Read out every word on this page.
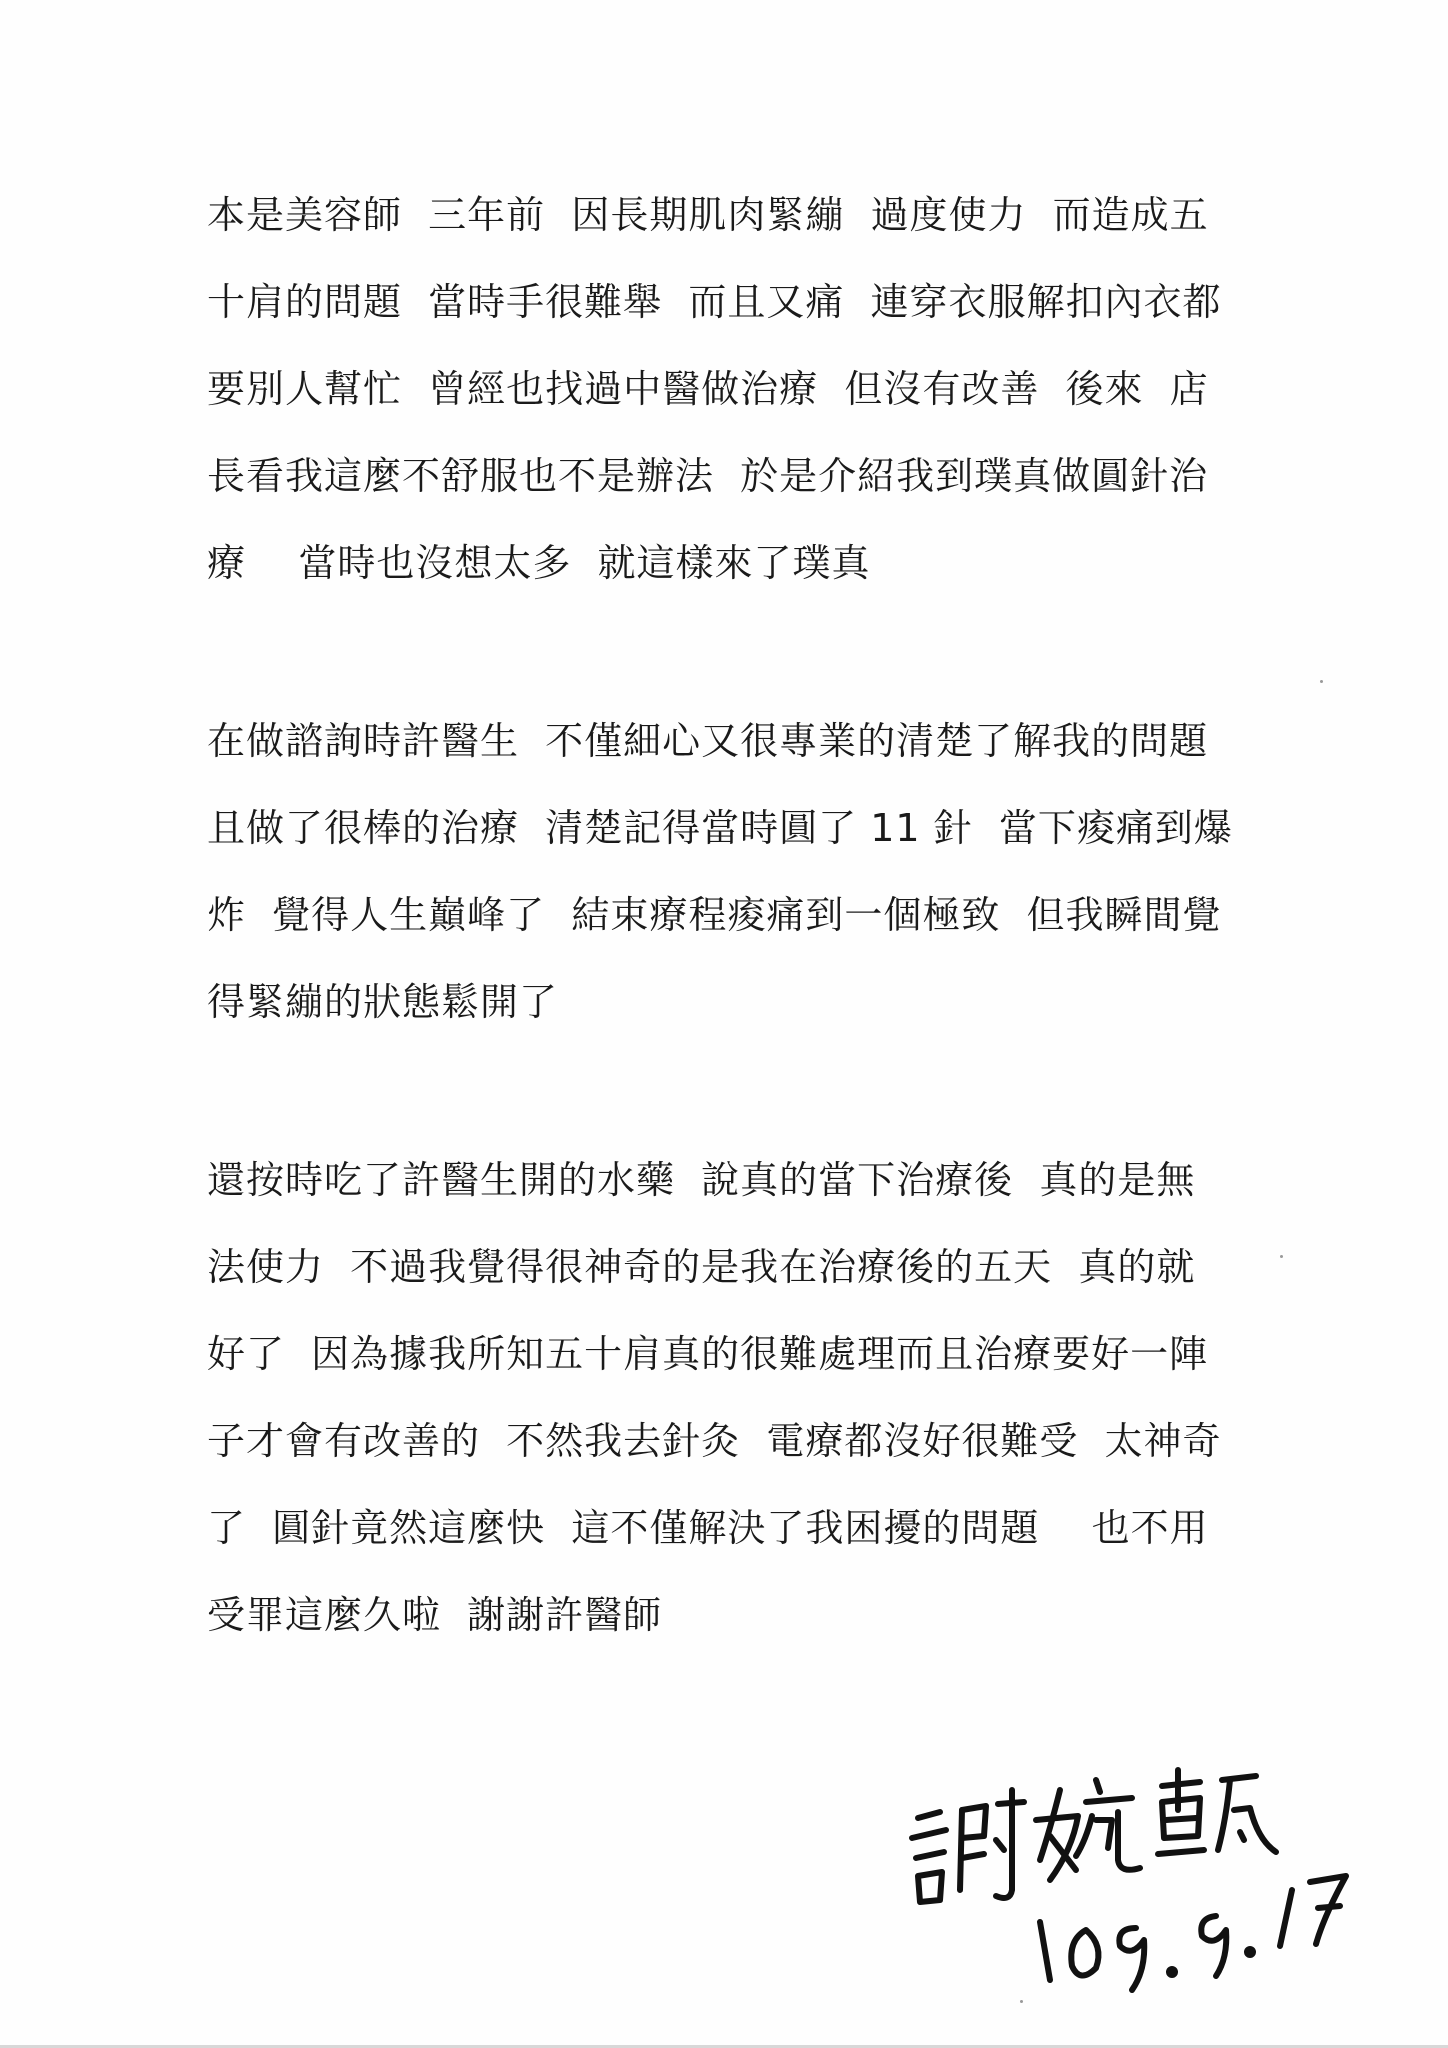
本是美容師  三年前  因長期肌肉緊繃  過度使力  而造成五
十肩的問題  當時手很難舉  而且又痛  連穿衣服解扣內衣都
要別人幫忙  曾經也找過中醫做治療  但沒有改善  後來  店
長看我這麼不舒服也不是辦法  於是介紹我到璞真做圓針治
療    當時也沒想太多  就這樣來了璞真
在做諮詢時許醫生  不僅細心又很專業的清楚了解我的問題
且做了很棒的治療  清楚記得當時圓了 11 針  當下痠痛到爆
炸  覺得人生巔峰了  結束療程痠痛到一個極致  但我瞬間覺
得緊繃的狀態鬆開了
還按時吃了許醫生開的水藥  說真的當下治療後  真的是無
法使力  不過我覺得很神奇的是我在治療後的五天  真的就
好了  因為據我所知五十肩真的很難處理而且治療要好一陣
子才會有改善的  不然我去針灸  電療都沒好很難受  太神奇
了  圓針竟然這麼快  這不僅解決了我困擾的問題    也不用
受罪這麼久啦  謝謝許醫師
